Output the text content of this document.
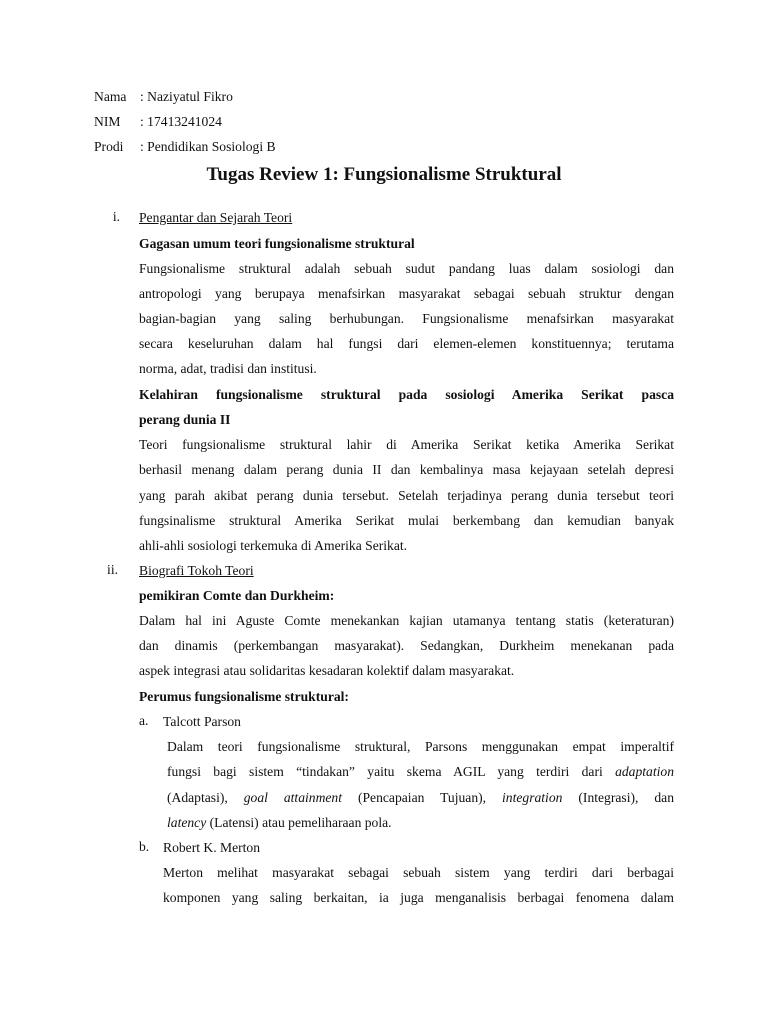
Nama : Naziyatul Fikro
NIM : 17413241024
Prodi : Pendidikan Sosiologi B
Tugas Review 1: Fungsionalisme Struktural
i. Pengantar dan Sejarah Teori
Gagasan umum teori fungsionalisme struktural
Fungsionalisme struktural adalah sebuah sudut pandang luas dalam sosiologi dan
antropologi yang berupaya menafsirkan masyarakat sebagai sebuah struktur dengan
bagian-bagian yang saling berhubungan. Fungsionalisme menafsirkan masyarakat
secara keseluruhan dalam hal fungsi dari elemen-elemen konstituennya; terutama
norma, adat, tradisi dan institusi.
Kelahiran fungsionalisme struktural pada sosiologi Amerika Serikat pasca
perang dunia II
Teori fungsionalisme struktural lahir di Amerika Serikat ketika Amerika Serikat
berhasil menang dalam perang dunia II dan kembalinya masa kejayaan setelah depresi
yang parah akibat perang dunia tersebut. Setelah terjadinya perang dunia tersebut teori
fungsinalisme struktural Amerika Serikat mulai berkembang dan kemudian banyak
ahli-ahli sosiologi terkemuka di Amerika Serikat.
ii. Biografi Tokoh Teori
pemikiran Comte dan Durkheim:
Dalam hal ini Aguste Comte menekankan kajian utamanya tentang statis (keteraturan)
dan dinamis (perkembangan masyarakat). Sedangkan, Durkheim menekanan pada
aspek integrasi atau solidaritas kesadaran kolektif dalam masyarakat.
Perumus fungsionalisme struktural:
a. Talcott Parson
Dalam teori fungsionalisme struktural, Parsons menggunakan empat imperaltif
fungsi bagi sistem “tindakan” yaitu skema AGIL yang terdiri dari adaptation
(Adaptasi), goal attainment (Pencapaian Tujuan), integration (Integrasi), dan
latency (Latensi) atau pemeliharaan pola.
b. Robert K. Merton
Merton melihat masyarakat sebagai sebuah sistem yang terdiri dari berbagai
komponen yang saling berkaitan, ia juga menganalisis berbagai fenomena dalam
